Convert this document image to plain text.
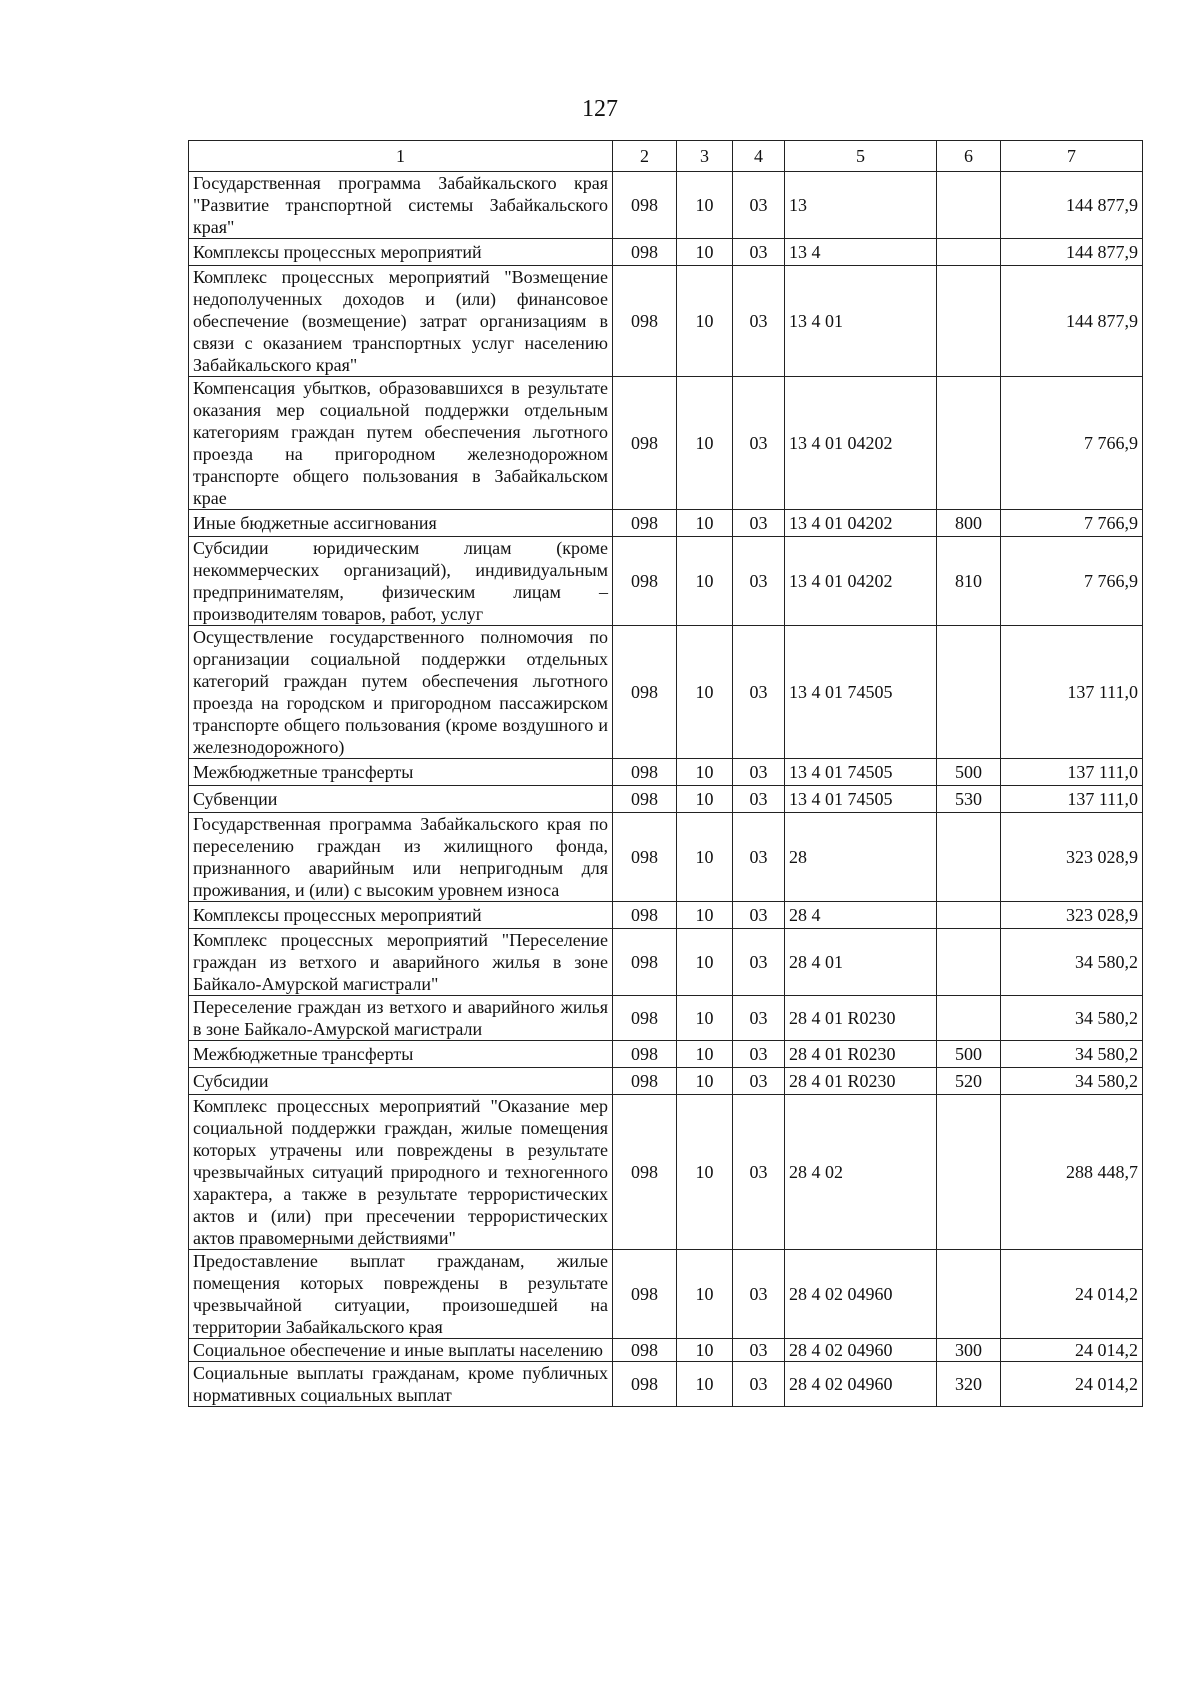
127
1	2	3	4	5	6	7
Государственная программа Забайкальского края "Развитие транспортной системы Забайкальского края"	098	10	03	13		144 877,9
Комплексы процессных мероприятий	098	10	03	13 4		144 877,9
Комплекс процессных мероприятий "Возмещение недополученных доходов и (или) финансовое обеспечение (возмещение) затрат организациям в связи с оказанием транспортных услуг населению Забайкальского края"	098	10	03	13 4 01		144 877,9
Компенсация убытков, образовавшихся в результате оказания мер социальной поддержки отдельным категориям граждан путем обеспечения льготного проезда на пригородном железнодорожном транспорте общего пользования в Забайкальском крае	098	10	03	13 4 01 04202		7 766,9
Иные бюджетные ассигнования	098	10	03	13 4 01 04202	800	7 766,9
Субсидии юридическим лицам (кроме некоммерческих организаций), индивидуальным предпринимателям, физическим лицам – производителям товаров, работ, услуг	098	10	03	13 4 01 04202	810	7 766,9
Осуществление государственного полномочия по организации социальной поддержки отдельных категорий граждан путем обеспечения льготного проезда на городском и пригородном пассажирском транспорте общего пользования (кроме воздушного и железнодорожного)	098	10	03	13 4 01 74505		137 111,0
Межбюджетные трансферты	098	10	03	13 4 01 74505	500	137 111,0
Субвенции	098	10	03	13 4 01 74505	530	137 111,0
Государственная программа Забайкальского края по переселению граждан из жилищного фонда, признанного аварийным или непригодным для проживания, и (или) с высоким уровнем износа	098	10	03	28		323 028,9
Комплексы процессных мероприятий	098	10	03	28 4		323 028,9
Комплекс процессных мероприятий "Переселение граждан из ветхого и аварийного жилья в зоне Байкало-Амурской магистрали"	098	10	03	28 4 01		34 580,2
Переселение граждан из ветхого и аварийного жилья в зоне Байкало-Амурской магистрали	098	10	03	28 4 01 R0230		34 580,2
Межбюджетные трансферты	098	10	03	28 4 01 R0230	500	34 580,2
Субсидии	098	10	03	28 4 01 R0230	520	34 580,2
Комплекс процессных мероприятий "Оказание мер социальной поддержки граждан, жилые помещения которых утрачены или повреждены в результате чрезвычайных ситуаций природного и техногенного характера, а также в результате террористических актов и (или) при пресечении террористических актов правомерными действиями"	098	10	03	28 4 02		288 448,7
Предоставление выплат гражданам, жилые помещения которых повреждены в результате чрезвычайной ситуации, произошедшей на территории Забайкальского края	098	10	03	28 4 02 04960		24 014,2
Социальное обеспечение и иные выплаты населению	098	10	03	28 4 02 04960	300	24 014,2
Социальные выплаты гражданам, кроме публичных нормативных социальных выплат	098	10	03	28 4 02 04960	320	24 014,2
